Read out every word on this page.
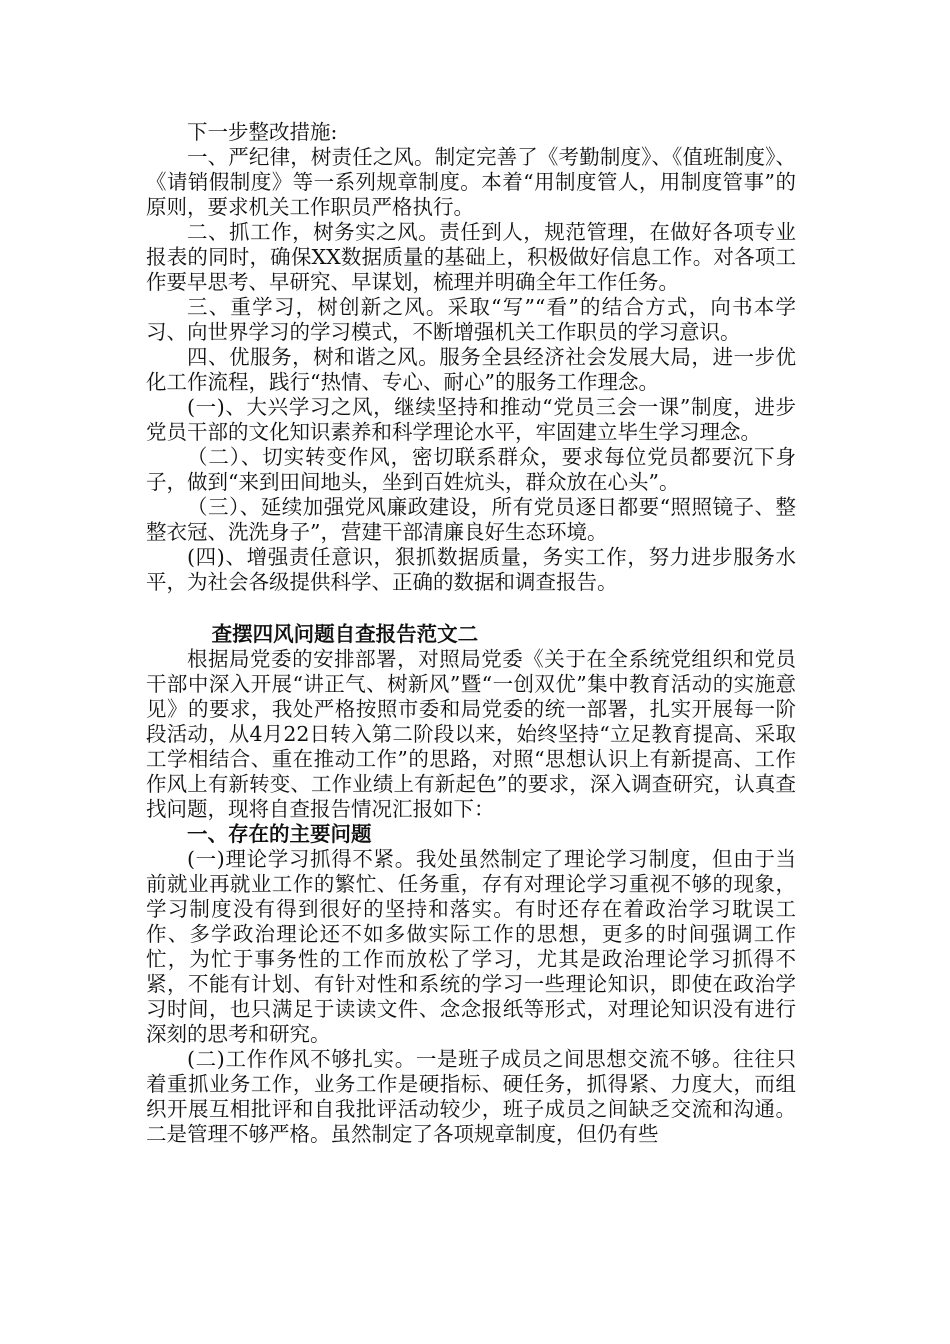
下一步整改措施:

一、严纪律，树责任之风。制定完善了《考勤制度》、《值班制度》、《请销假制度》等一系列规章制度。本着“用制度管人，用制度管事”的原则，要求机关工作职员严格执行。

二、抓工作，树务实之风。责任到人，规范管理，在做好各项专业报表的同时，确保XX数据质量的基础上，积极做好信息工作。对各项工作要早思考、早研究、早谋划，梳理并明确全年工作任务。

三、重学习，树创新之风。采取“写”“看”的结合方式，向书本学习、向世界学习的学习模式，不断增强机关工作职员的学习意识。

四、优服务，树和谐之风。服务全县经济社会发展大局，进一步优化工作流程，践行“热情、专心、耐心”的服务工作理念。

(一)、大兴学习之风，继续坚持和推动“党员三会一课”制度，进步党员干部的文化知识素养和科学理论水平，牢固建立毕生学习理念。

（二）、切实转变作风，密切联系群众，要求每位党员都要沉下身子，做到“来到田间地头，坐到百姓炕头，群众放在心头”。

（三）、延续加强党风廉政建设，所有党员逐日都要“照照镜子、整整衣冠、洗洗身子”，营建干部清廉良好生态环境。

(四)、增强责任意识，狠抓数据质量，务实工作，努力进步服务水平，为社会各级提供科学、正确的数据和调查报告。

查摆四风问题自查报告范文二

根据局党委的安排部署，对照局党委《关于在全系统党组织和党员干部中深入开展“讲正气、树新风”暨“一创双优”集中教育活动的实施意见》的要求，我处严格按照市委和局党委的统一部署，扎实开展每一阶段活动，从4月22日转入第二阶段以来，始终坚持“立足教育提高、采取工学相结合、重在推动工作”的思路，对照“思想认识上有新提高、工作作风上有新转变、工作业绩上有新起色”的要求，深入调查研究，认真查找问题，现将自查报告情况汇报如下：

一、存在的主要问题

(一)理论学习抓得不紧。我处虽然制定了理论学习制度，但由于当前就业再就业工作的繁忙、任务重，存有对理论学习重视不够的现象，学习制度没有得到很好的坚持和落实。有时还存在着政治学习耽误工作、多学政治理论还不如多做实际工作的思想，更多的时间强调工作忙，为忙于事务性的工作而放松了学习，尤其是政治理论学习抓得不紧，不能有计划、有针对性和系统的学习一些理论知识，即使在政治学习时间，也只满足于读读文件、念念报纸等形式，对理论知识没有进行深刻的思考和研究。

(二)工作作风不够扎实。一是班子成员之间思想交流不够。往往只着重抓业务工作，业务工作是硬指标、硬任务，抓得紧、力度大，而组织开展互相批评和自我批评活动较少，班子成员之间缺乏交流和沟通。二是管理不够严格。虽然制定了各项规章制度，但仍有些
